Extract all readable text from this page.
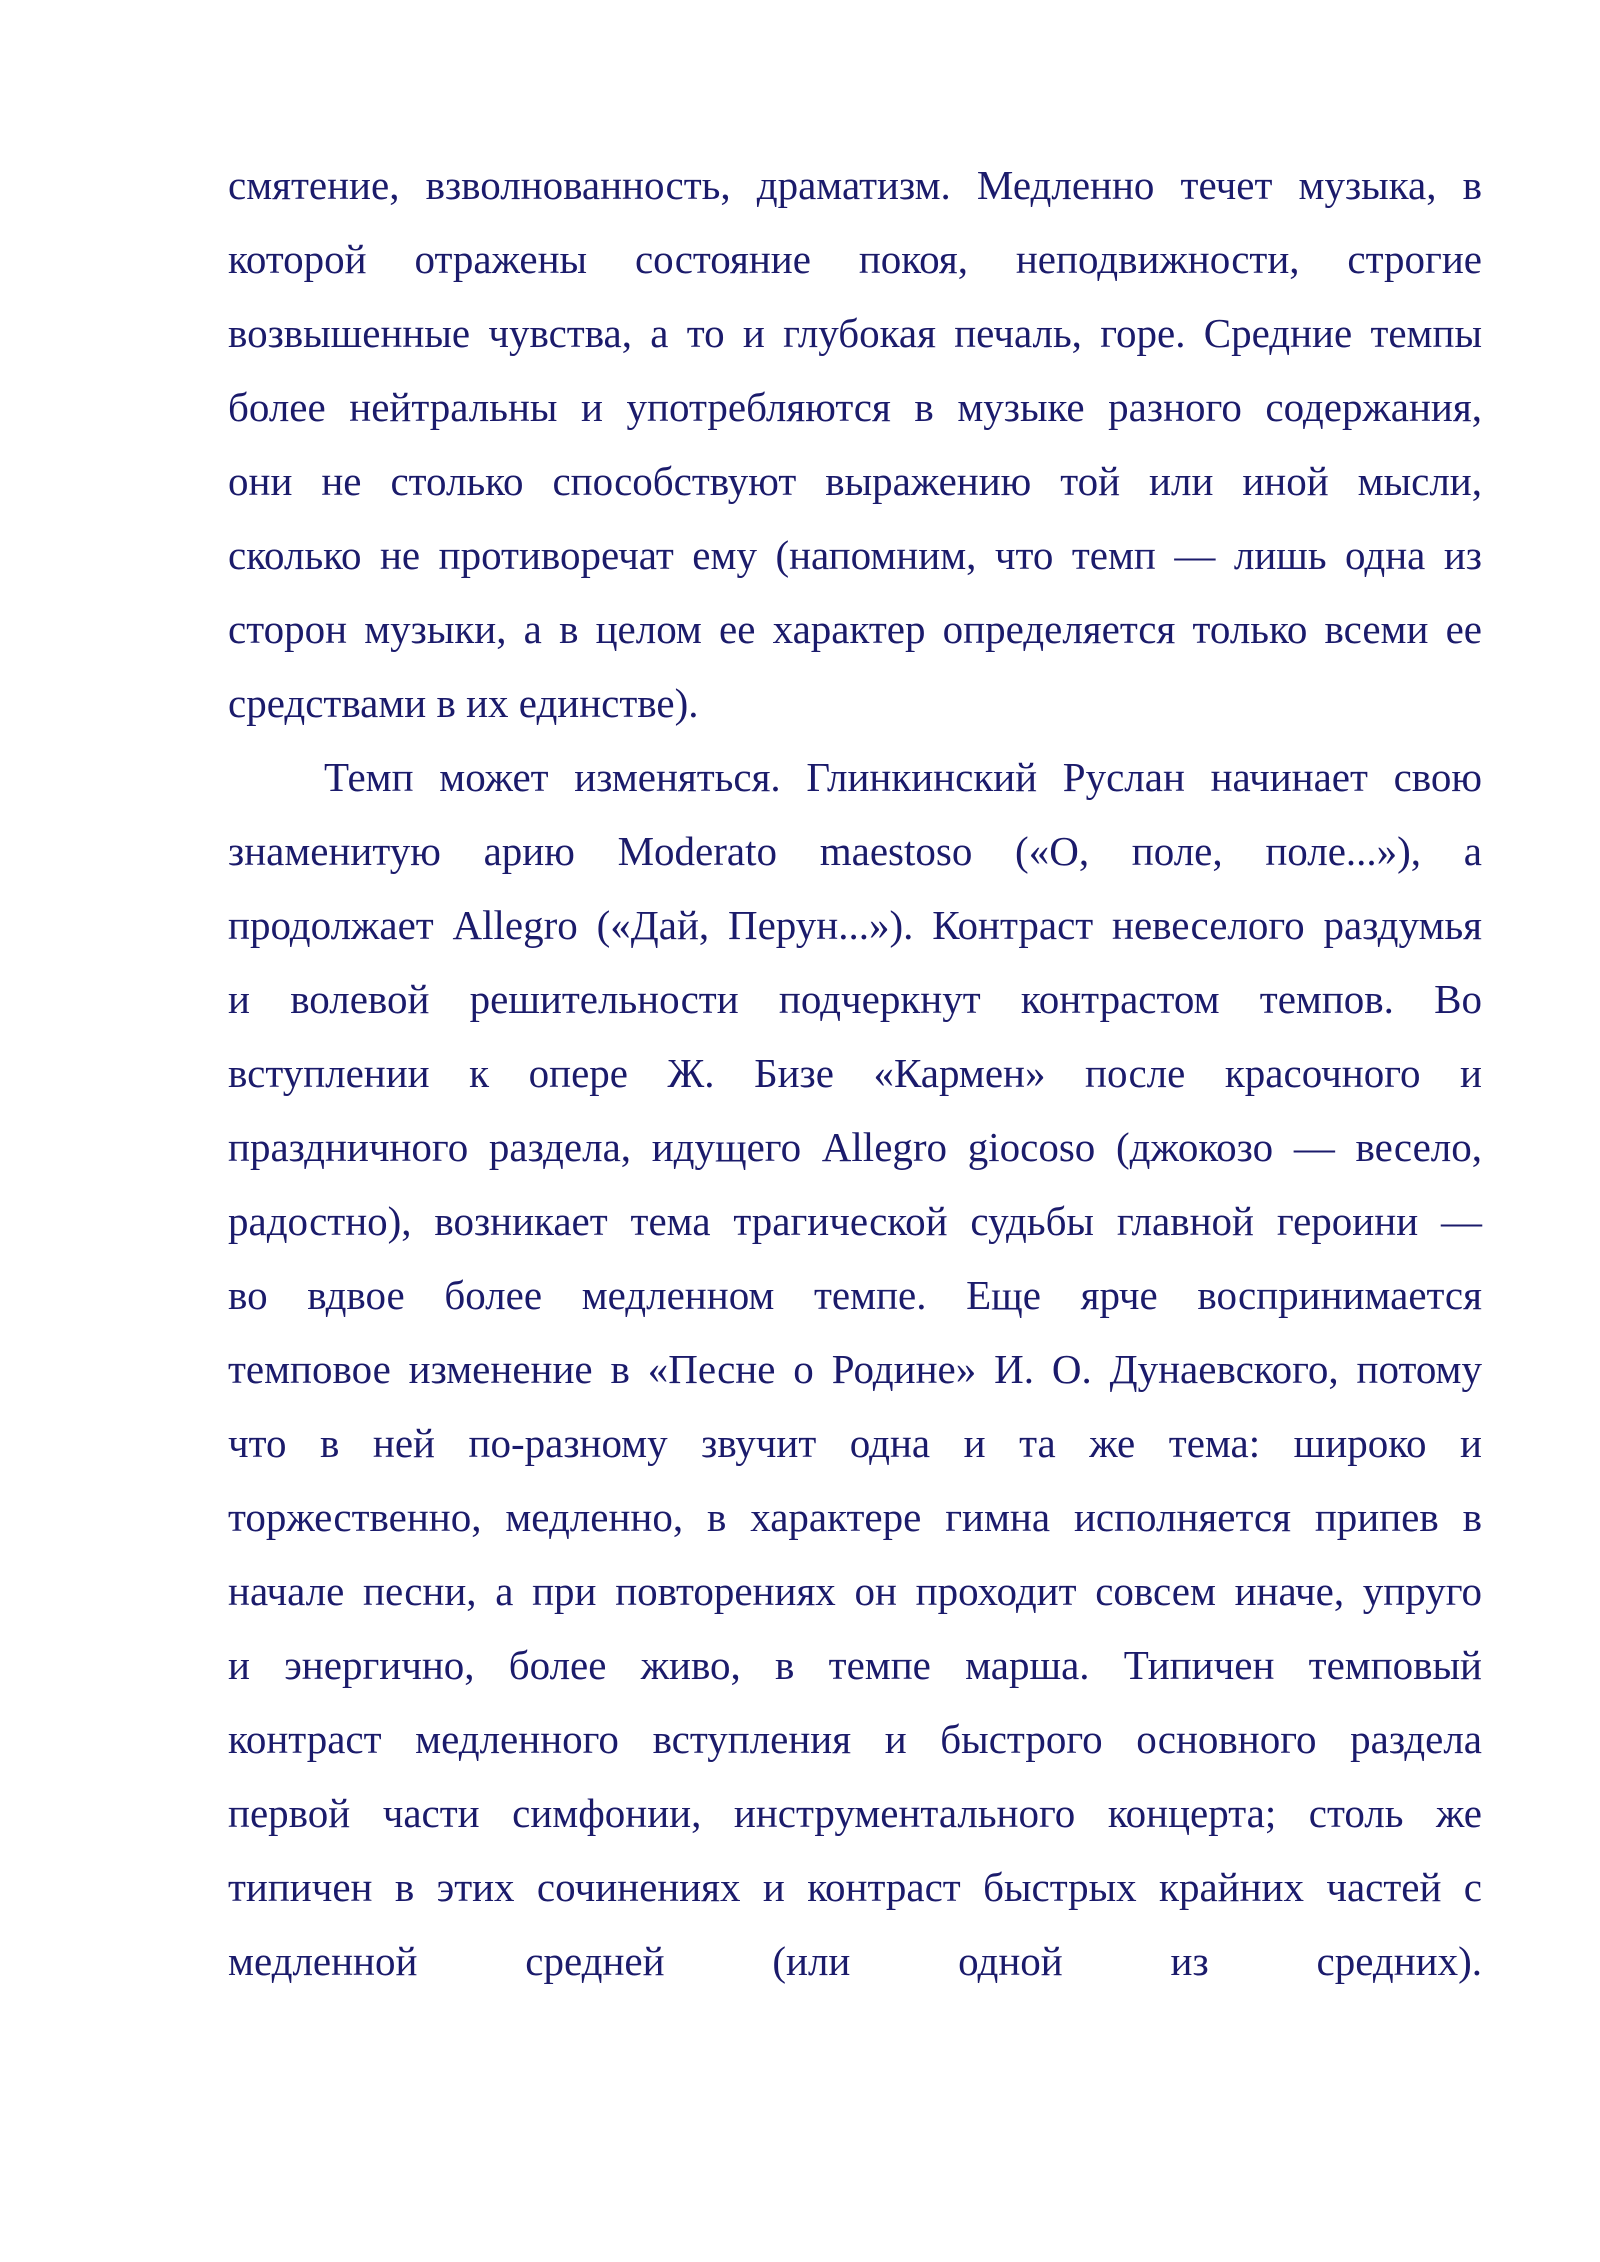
смятение, взволнованность, драматизм. Медленно течет музыка, в
которой отражены состояние покоя, неподвижности, строгие
возвышенные чувства, а то и глубокая печаль, горе. Средние темпы
более нейтральны и употребляются в музыке разного содержания,
они не столько способствуют выражению той или иной мысли,
сколько не противоречат ему (напомним, что темп — лишь одна из
сторон музыки, а в целом ее характер определяется только всеми ее
средствами в их единстве).

Темп может изменяться. Глинкинский Руслан начинает свою
знаменитую арию Moderato maestoso («О, поле, поле...»), а
продолжает Allegro («Дай, Перун...»). Контраст невеселого раздумья
и волевой решительности подчеркнут контрастом темпов. Во
вступлении к опере Ж. Бизе «Кармен» после красочного и
праздничного раздела, идущего Allegro giocoso (джокозо — весело,
радостно), возникает тема трагической судьбы главной героини —
во вдвое более медленном темпе. Еще ярче воспринимается
темповое изменение в «Песне о Родине» И. О. Дунаевского, потому
что в ней по-разному звучит одна и та же тема: широко и
торжественно, медленно, в характере гимна исполняется припев в
начале песни, а при повторениях он проходит совсем иначе, упруго
и энергично, более живо, в темпе марша. Типичен темповый
контраст медленного вступления и быстрого основного раздела
первой части симфонии, инструментального концерта; столь же
типичен в этих сочинениях и контраст быстрых крайних частей с
медленной средней (или одной из средних).
